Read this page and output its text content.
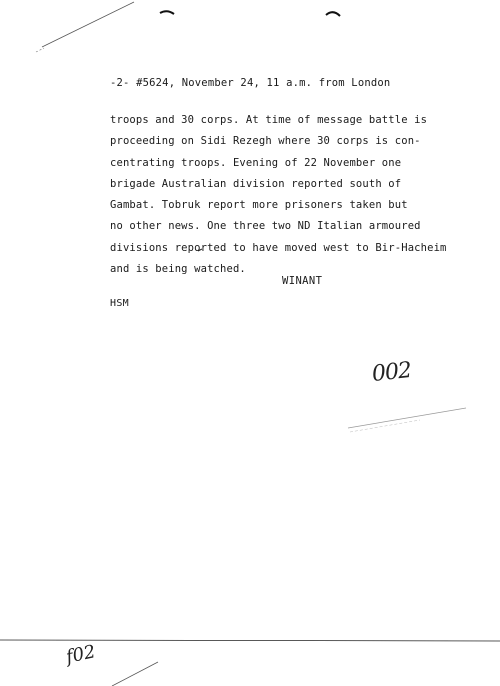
-2- #5624, November 24, 11 a.m. from London
troops and 30 corps. At time of message battle is
proceeding on Sidi Rezegh where 30 corps is con-
centrating troops. Evening of 22 November one
brigade Australian division reported south of
Gambat. Tobruk report more prisoners taken but
no other news. One three two ND Italian armoured
divisions reported to have moved west to Bir-Hacheim
and is being watched.
WINANT
HSM
002
f02
